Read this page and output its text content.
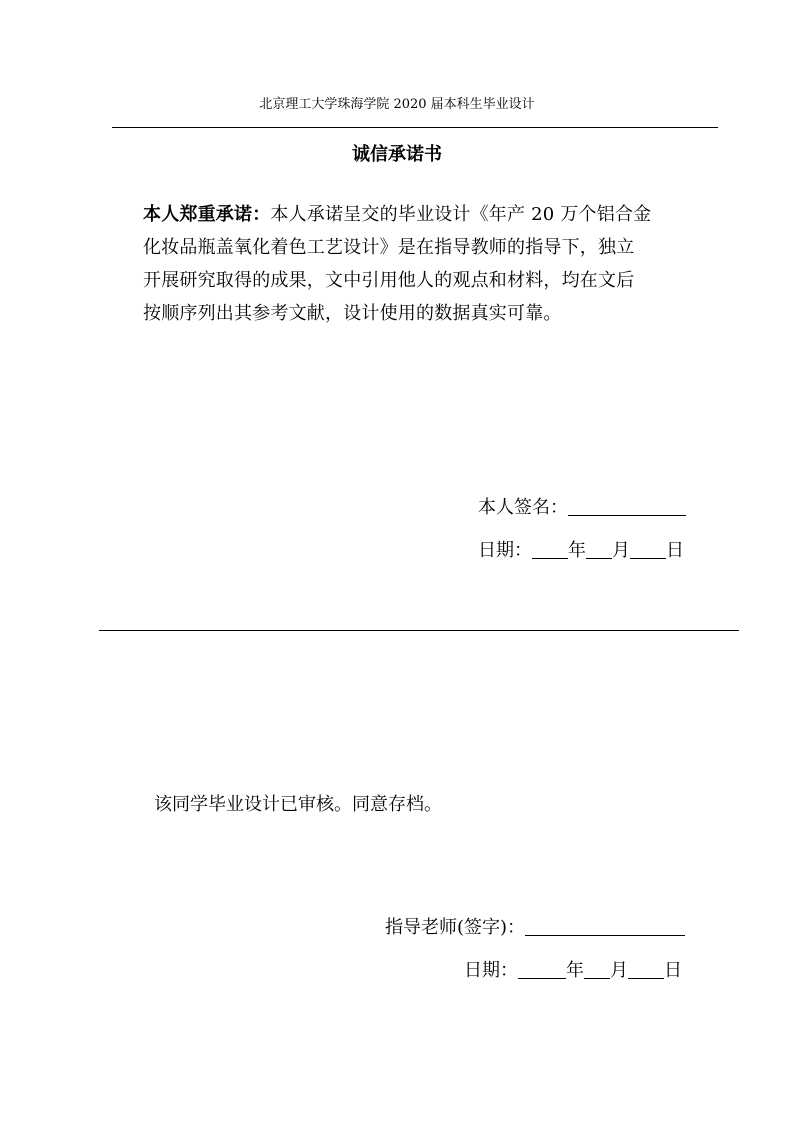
北京理工大学珠海学院 2020 届本科生毕业设计
诚信承诺书
本人郑重承诺：本人承诺呈交的毕业设计《年产 20 万个铝合金
化妆品瓶盖氧化着色工艺设计》是在指导教师的指导下，独立
开展研究取得的成果，文中引用他人的观点和材料，均在文后
按顺序列出其参考文献，设计使用的数据真实可靠。
本人签名：
日期： 年 月 日
该同学毕业设计已审核。同意存档。
指导老师(签字)：
日期：	年 月 日
